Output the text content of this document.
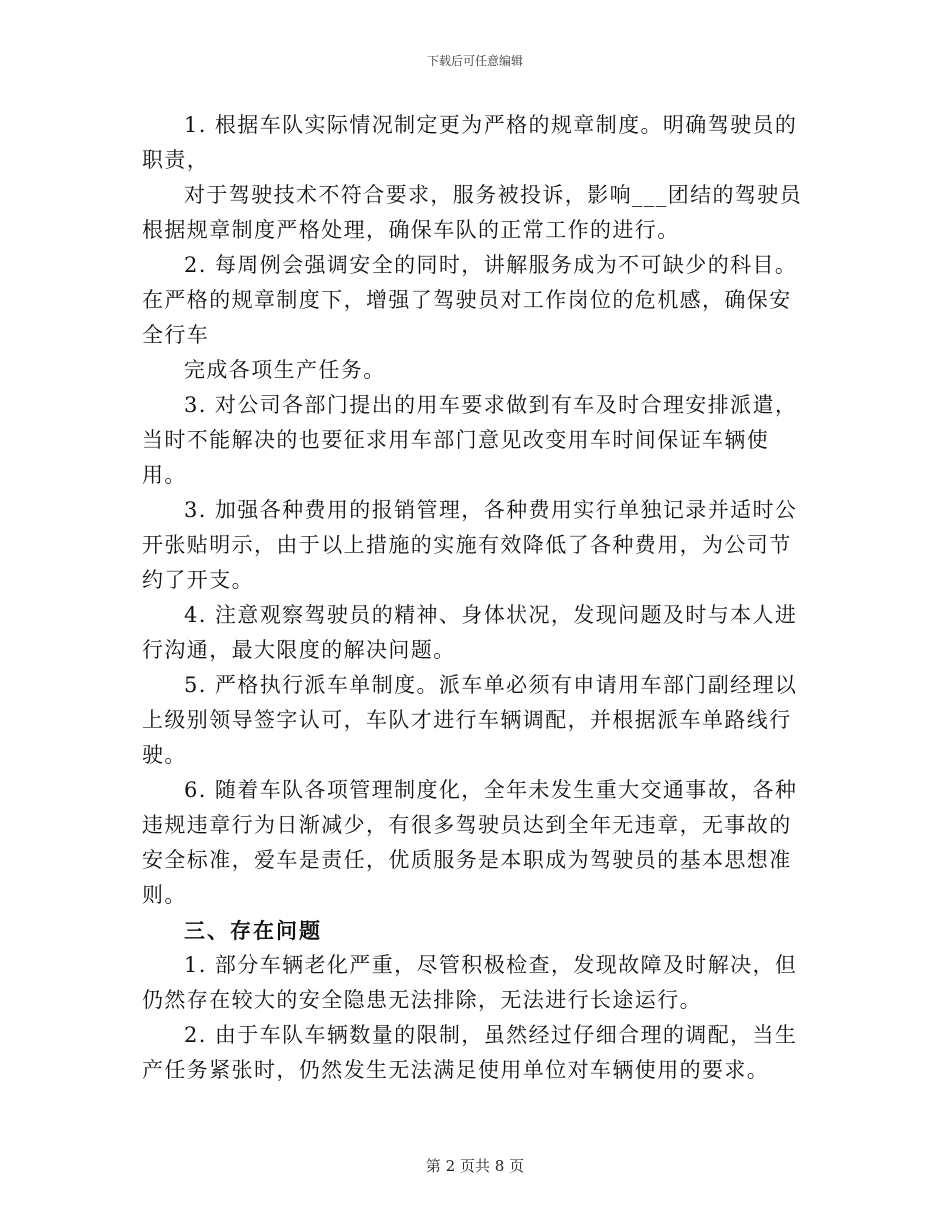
下载后可任意编辑

1. 根据车队实际情况制定更为严格的规章制度。明确驾驶员的职责，

对于驾驶技术不符合要求，服务被投诉，影响___团结的驾驶员根据规章制度严格处理，确保车队的正常工作的进行。

2. 每周例会强调安全的同时，讲解服务成为不可缺少的科目。在严格的规章制度下，增强了驾驶员对工作岗位的危机感，确保安全行车

完成各项生产任务。

3. 对公司各部门提出的用车要求做到有车及时合理安排派遣，当时不能解决的也要征求用车部门意见改变用车时间保证车辆使用。

3. 加强各种费用的报销管理，各种费用实行单独记录并适时公开张贴明示，由于以上措施的实施有效降低了各种费用，为公司节约了开支。

4. 注意观察驾驶员的精神、身体状况，发现问题及时与本人进行沟通，最大限度的解决问题。

5. 严格执行派车单制度。派车单必须有申请用车部门副经理以上级别领导签字认可，车队才进行车辆调配，并根据派车单路线行驶。

6. 随着车队各项管理制度化，全年未发生重大交通事故，各种违规违章行为日渐减少，有很多驾驶员达到全年无违章，无事故的安全标准，爱车是责任，优质服务是本职成为驾驶员的基本思想准则。

三、存在问题

1. 部分车辆老化严重，尽管积极检查，发现故障及时解决，但仍然存在较大的安全隐患无法排除，无法进行长途运行。

2. 由于车队车辆数量的限制，虽然经过仔细合理的调配，当生产任务紧张时，仍然发生无法满足使用单位对车辆使用的要求。

第 2 页共 8 页
